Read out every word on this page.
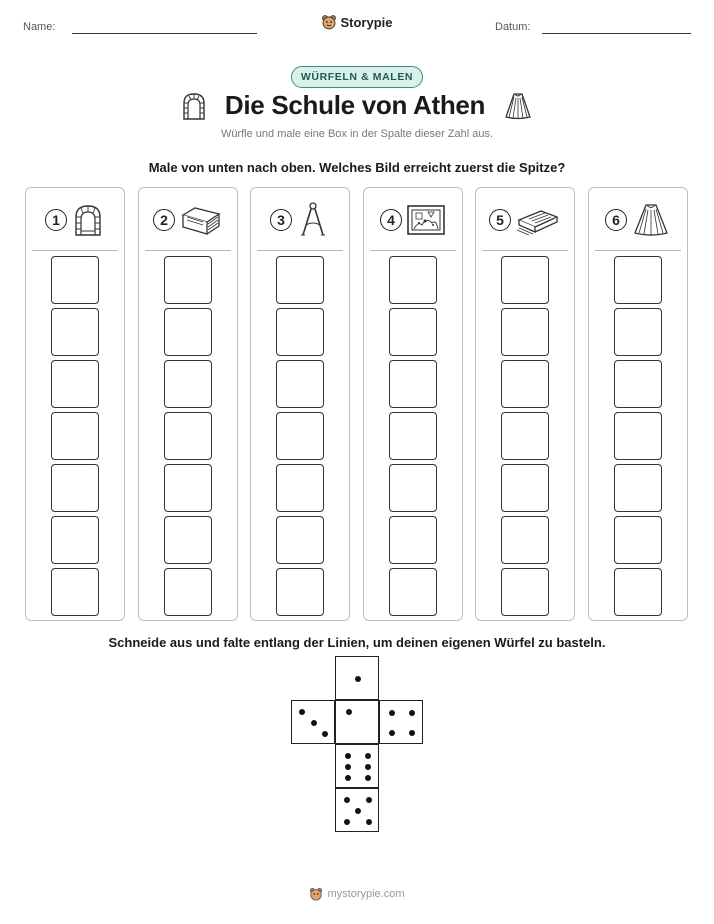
Name:	Datum:
Storypie
WÜRFELN & MALEN
Die Schule von Athen
Würfle und male eine Box in der Spalte dieser Zahl aus.
Male von unten nach oben. Welches Bild erreicht zuerst die Spitze?
1	2	3	4	5	6
Schneide aus und falte entlang der Linien, um deinen eigenen Würfel zu basteln.
mystorypie.com
